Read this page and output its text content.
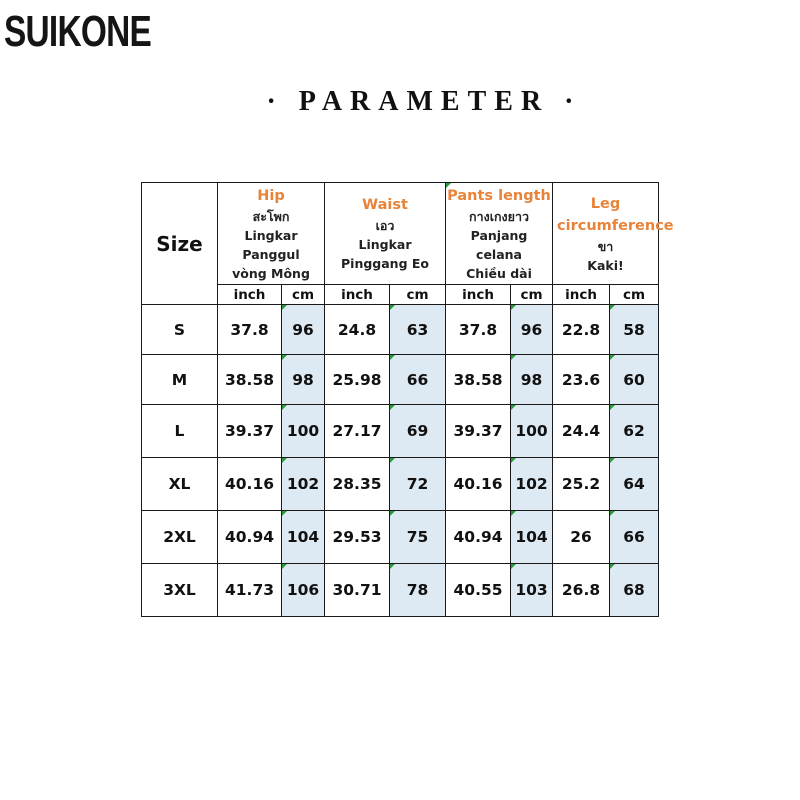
SUIKONE
· PARAMETER ·
Size	Hip
สะโพก
Lingkar
Panggul
vòng Mông		Waist
เอว
Lingkar
Pinggang Eo		Pants length
กางเกงยาว
Panjang
celana
Chiều dài		Leg circumference
ขา
Kaki!	

	inch	cm	inch	cm	inch	cm	inch	cm
S	37.8	96	24.8	63	37.8	96	22.8	58
M	38.58	98	25.98	66	38.58	98	23.6	60
L	39.37	100	27.17	69	39.37	100	24.4	62
XL	40.16	102	28.35	72	40.16	102	25.2	64
2XL	40.94	104	29.53	75	40.94	104	26	66
3XL	41.73	106	30.71	78	40.55	103	26.8	68
